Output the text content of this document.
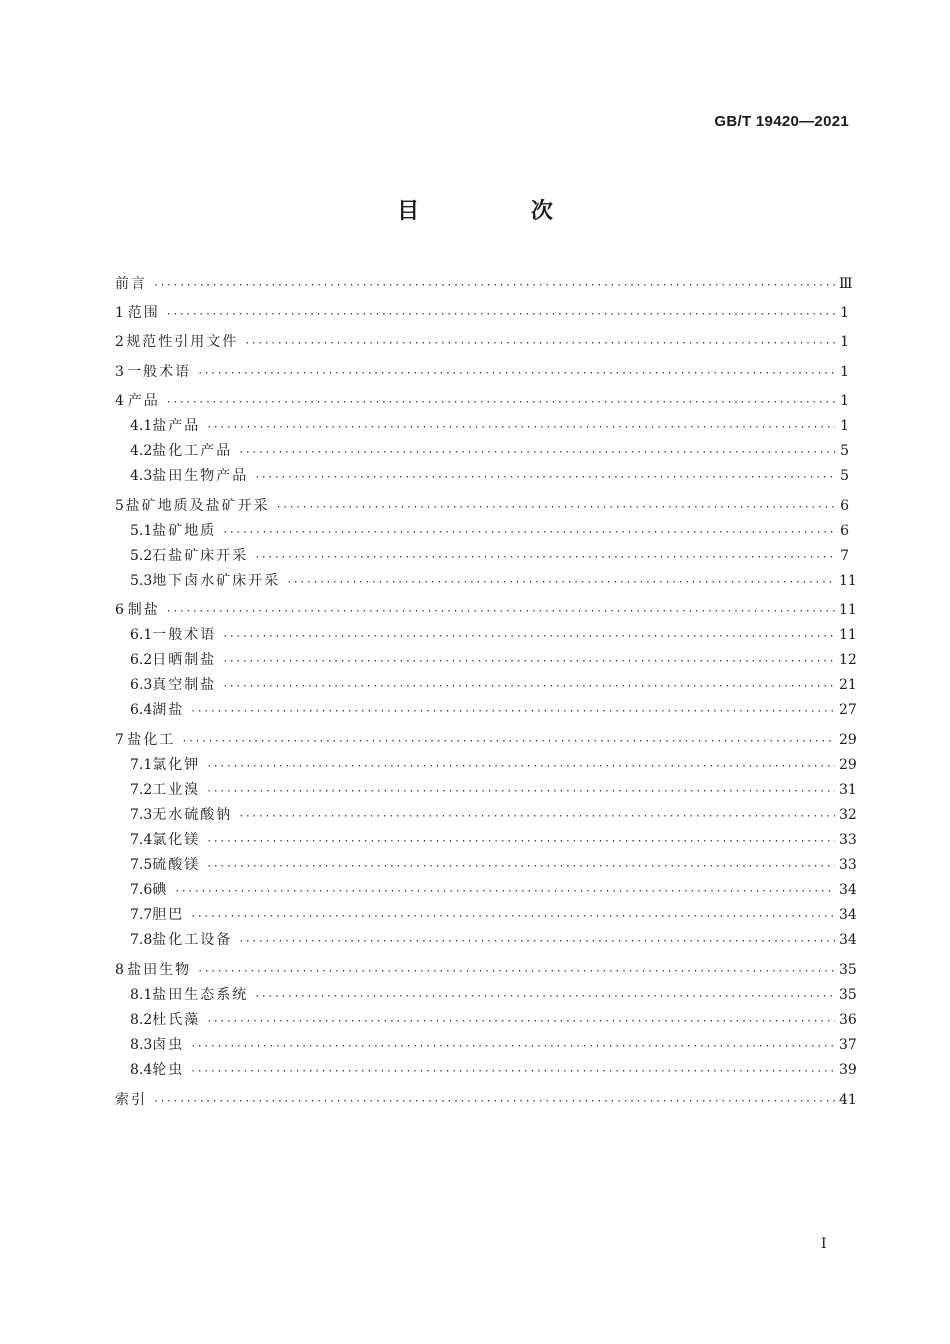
GB/T 19420—2021
目 次
前言 ·····	Ⅲ
1 范围 ·····	1
2 规范性引用文件 ·····	1
3 一般术语 ·····	1
4 产品 ·····	1
4.1 盐产品 ·····	1
4.2 盐化工产品 ·····	5
4.3 盐田生物产品 ·····	5
5 盐矿地质及盐矿开采 ·····	6
5.1 盐矿地质 ·····	6
5.2 石盐矿床开采 ·····	7
5.3 地下卤水矿床开采 ·····	11
6 制盐 ·····	11
6.1 一般术语 ·····	11
6.2 日晒制盐 ·····	12
6.3 真空制盐 ·····	21
6.4 湖盐 ·····	27
7 盐化工 ·····	29
7.1 氯化钾 ·····	29
7.2 工业溴 ·····	31
7.3 无水硫酸钠 ·····	32
7.4 氯化镁 ·····	33
7.5 硫酸镁 ·····	33
7.6 碘 ·····	34
7.7 胆巴 ·····	34
7.8 盐化工设备 ·····	34
8 盐田生物 ·····	35
8.1 盐田生态系统 ·····	35
8.2 杜氏藻 ·····	36
8.3 卤虫 ·····	37
8.4 轮虫 ·····	39
索引 ·····	41
Ⅰ
